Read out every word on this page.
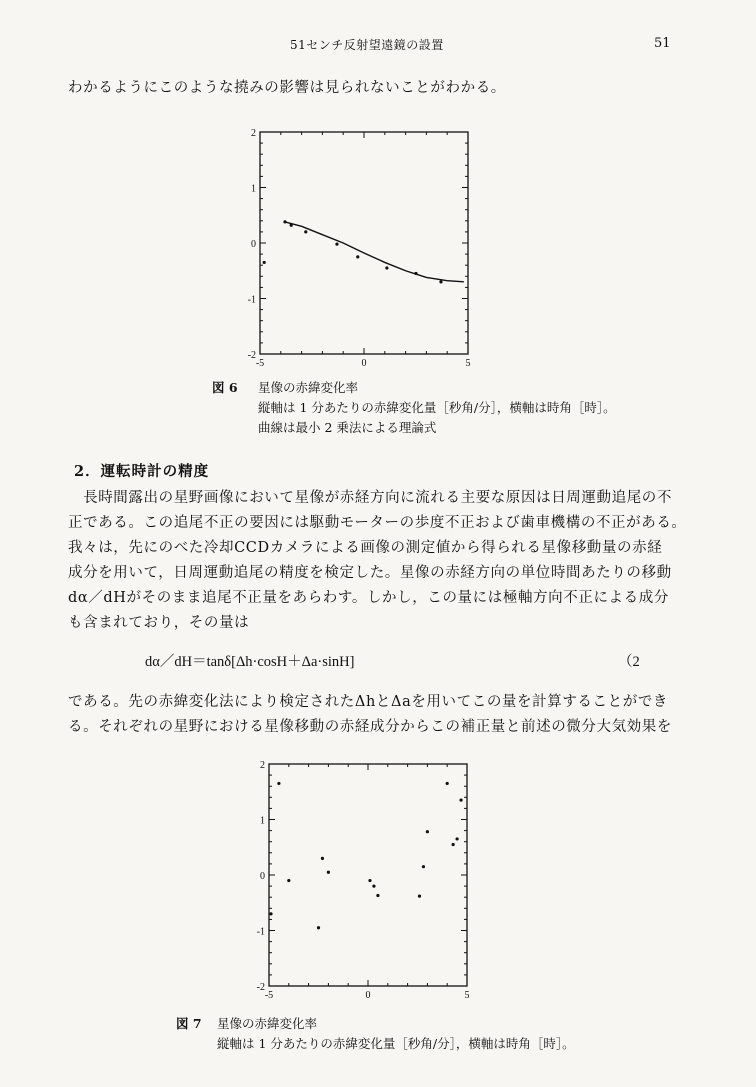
51センチ反射望遠鏡の設置	51
わかるようにこのような撓みの影響は見られないことがわかる。
2
1
0
-1
-2
-5	0	5
図 6 星像の赤緯変化率
縦軸は 1 分あたりの赤緯変化量［秒角/分］，横軸は時角［時］。
曲線は最小 2 乗法による理論式
2．運転時計の精度
　長時間露出の星野画像において星像が赤経方向に流れる主要な原因は日周運動追尾の不
正である。この追尾不正の要因には駆動モーターの歩度不正および歯車機構の不正がある。
我々は，先にのべた冷却CCDカメラによる画像の測定値から得られる星像移動量の赤経
成分を用いて，日周運動追尾の精度を検定した。星像の赤経方向の単位時間あたりの移動
dα／dHがそのまま追尾不正量をあらわす。しかし，この量には極軸方向不正による成分
も含まれており，その量は
dα／dH＝tanδ[Δh·cosH＋Δa·sinH]	（2
である。先の赤緯変化法により検定されたΔhとΔaを用いてこの量を計算することができ
る。それぞれの星野における星像移動の赤経成分からこの補正量と前述の微分大気効果を
2
1
0
-1
-2
-5	0	5
図 7 星像の赤緯変化率
縦軸は 1 分あたりの赤緯変化量［秒角/分］，横軸は時角［時］。
